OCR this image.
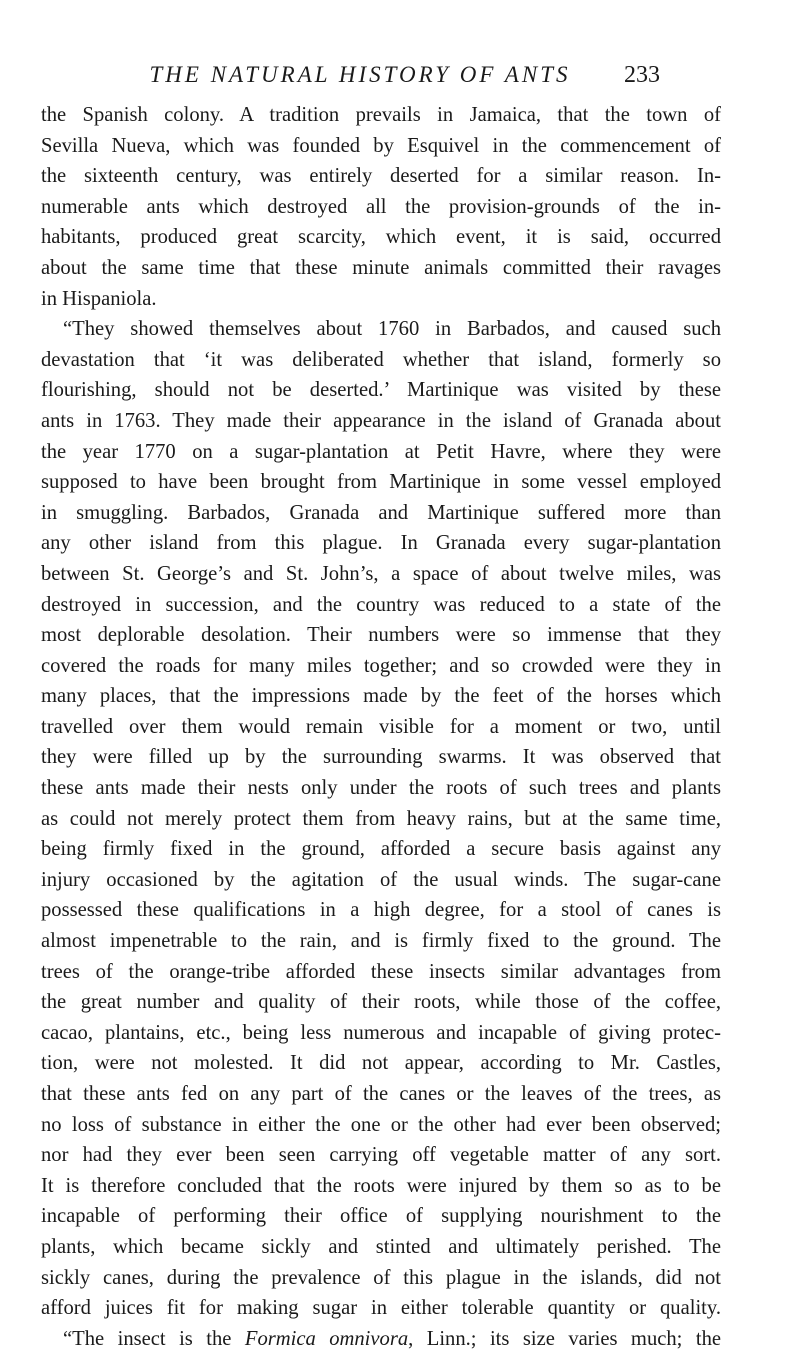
THE NATURAL HISTORY OF ANTS	233
the Spanish colony. A tradition prevails in Jamaica, that the town of
Sevilla Nueva, which was founded by Esquivel in the commencement of
the sixteenth century, was entirely deserted for a similar reason. In-
numerable ants which destroyed all the provision-grounds of the in-
habitants, produced great scarcity, which event, it is said, occurred
about the same time that these minute animals committed their ravages
in Hispaniola.
“They showed themselves about 1760 in Barbados, and caused such
devastation that ‘it was deliberated whether that island, formerly so
flourishing, should not be deserted.’ Martinique was visited by these
ants in 1763. They made their appearance in the island of Granada about
the year 1770 on a sugar-plantation at Petit Havre, where they were
supposed to have been brought from Martinique in some vessel employed
in smuggling. Barbados, Granada and Martinique suffered more than
any other island from this plague. In Granada every sugar-plantation
between St. George’s and St. John’s, a space of about twelve miles, was
destroyed in succession, and the country was reduced to a state of the
most deplorable desolation. Their numbers were so immense that they
covered the roads for many miles together; and so crowded were they in
many places, that the impressions made by the feet of the horses which
travelled over them would remain visible for a moment or two, until
they were filled up by the surrounding swarms. It was observed that
these ants made their nests only under the roots of such trees and plants
as could not merely protect them from heavy rains, but at the same time,
being firmly fixed in the ground, afforded a secure basis against any
injury occasioned by the agitation of the usual winds. The sugar-cane
possessed these qualifications in a high degree, for a stool of canes is
almost impenetrable to the rain, and is firmly fixed to the ground. The
trees of the orange-tribe afforded these insects similar advantages from
the great number and quality of their roots, while those of the coffee,
cacao, plantains, etc., being less numerous and incapable of giving protec-
tion, were not molested. It did not appear, according to Mr. Castles,
that these ants fed on any part of the canes or the leaves of the trees, as
no loss of substance in either the one or the other had ever been observed;
nor had they ever been seen carrying off vegetable matter of any sort.
It is therefore concluded that the roots were injured by them so as to be
incapable of performing their office of supplying nourishment to the
plants, which became sickly and stinted and ultimately perished. The
sickly canes, during the prevalence of this plague in the islands, did not
afford juices fit for making sugar in either tolerable quantity or quality.
“The insect is the Formica omnivora, Linn.; its size varies much; the
